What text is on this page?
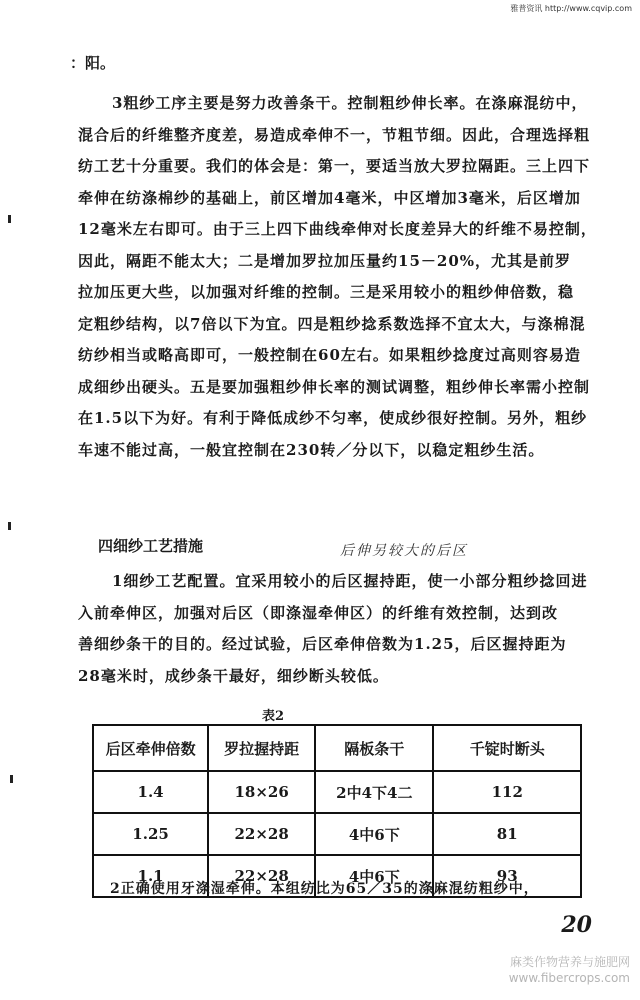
雅普资讯 http://www.cqvip.com
：阳。
3粗纱工序主要是努力改善条干。控制粗纱伸长率。在涤麻混纺中，
混合后的纤维整齐度差，易造成牵伸不一，节粗节细。因此，合理选择粗
纺工艺十分重要。我们的体会是：第一，要适当放大罗拉隔距。三上四下
牵伸在纺涤棉纱的基础上，前区增加4毫米，中区增加3毫米，后区增加
12毫米左右即可。由于三上四下曲线牵伸对长度差异大的纤维不易控制，
因此，隔距不能太大；二是增加罗拉加压量约15－20%，尤其是前罗
拉加压更大些，以加强对纤维的控制。三是采用较小的粗纱伸倍数，稳
定粗纱结构，以7倍以下为宜。四是粗纱捻系数选择不宜太大，与涤棉混
纺纱相当或略高即可，一般控制在60左右。如果粗纱捻度过高则容易造
成细纱出硬头。五是要加强粗纱伸长率的测试调整，粗纱伸长率需小控制
在1.5以下为好。有利于降低成纱不匀率，使成纱很好控制。另外，粗纱
车速不能过高，一般宜控制在230转／分以下，以稳定粗纱生活。
四细纱工艺措施	后伸另较大的后区
1细纱工艺配置。宜采用较小的后区握持距，使一小部分粗纱捻回进
入前牵伸区，加强对后区（即涤湿牵伸区）的纤维有效控制，达到改
善细纱条干的目的。经过试验，后区牵伸倍数为1.25，后区握持距为
28毫米时，成纱条干最好，细纱断头较低。
表2
后区牵伸倍数	罗拉握持距	隔板条干	千锭时断头
1.4	18×26	2中4下4二	112
1.25	22×28	4中6下	81
1.1	22×28	4中6下	93
2正确使用牙涤湿牵伸。本组纺比为65／35的涤麻混纺粗纱中，
20
麻类作物营养与施肥网
www.fibercrops.com
